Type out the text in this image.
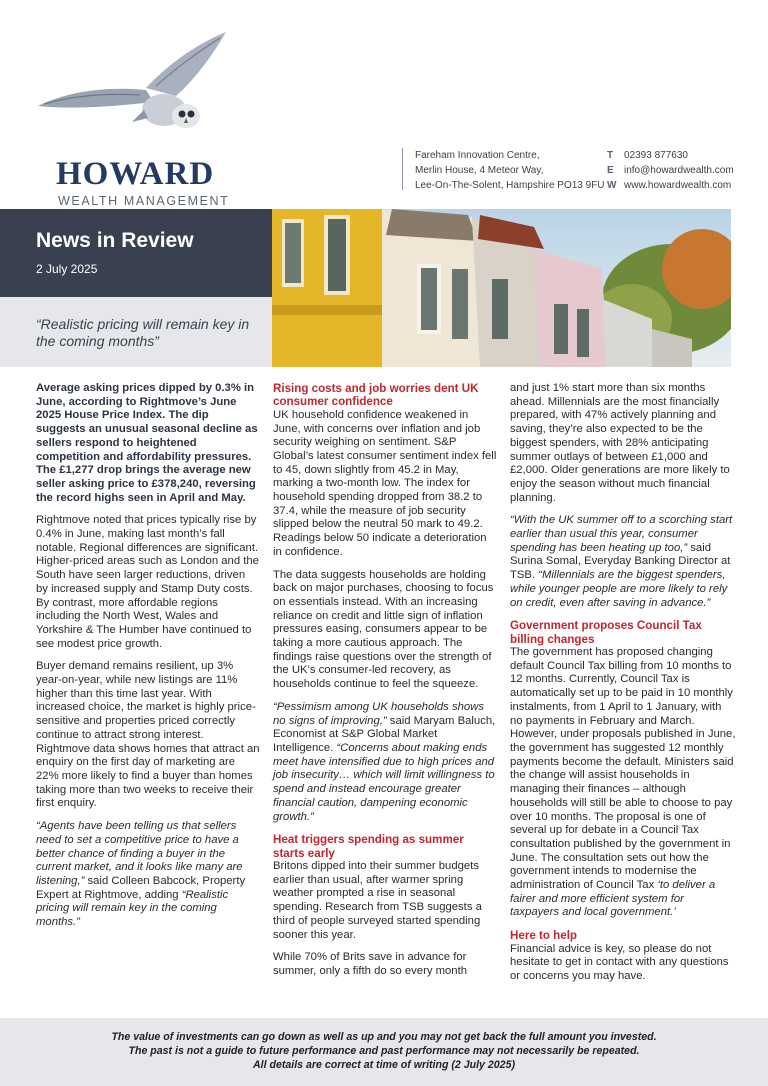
HOWARD
WEALTH MANAGEMENT
Fareham Innovation Centre,
Merlin House, 4 Meteor Way,
Lee-On-The-Solent, Hampshire PO13 9FU
T 02393 877630
E info@howardwealth.com
W www.howardwealth.com
News in Review
2 July 2025
“Realistic pricing will remain key in the coming months”

Average asking prices dipped by 0.3% in June, according to Rightmove’s June 2025 House Price Index. The dip suggests an unusual seasonal decline as sellers respond to heightened competition and affordability pressures. The £1,277 drop brings the average new seller asking price to £378,240, reversing the record highs seen in April and May.

Rightmove noted that prices typically rise by 0.4% in June, making last month’s fall notable. Regional differences are significant. Higher-priced areas such as London and the South have seen larger reductions, driven by increased supply and Stamp Duty costs. By contrast, more affordable regions including the North West, Wales and Yorkshire & The Humber have continued to see modest price growth.

Buyer demand remains resilient, up 3% year-on-year, while new listings are 11% higher than this time last year. With increased choice, the market is highly price-sensitive and properties priced correctly continue to attract strong interest. Rightmove data shows homes that attract an enquiry on the first day of marketing are 22% more likely to find a buyer than homes taking more than two weeks to receive their first enquiry.

“Agents have been telling us that sellers need to set a competitive price to have a better chance of finding a buyer in the current market, and it looks like many are listening,” said Colleen Babcock, Property Expert at Rightmove, adding “Realistic pricing will remain key in the coming months.”

Rising costs and job worries dent UK consumer confidence

UK household confidence weakened in June, with concerns over inflation and job security weighing on sentiment. S&P Global’s latest consumer sentiment index fell to 45, down slightly from 45.2 in May, marking a two-month low. The index for household spending dropped from 38.2 to 37.4, while the measure of job security slipped below the neutral 50 mark to 49.2. Readings below 50 indicate a deterioration in confidence.

The data suggests households are holding back on major purchases, choosing to focus on essentials instead. With an increasing reliance on credit and little sign of inflation pressures easing, consumers appear to be taking a more cautious approach. The findings raise questions over the strength of the UK’s consumer-led recovery, as households continue to feel the squeeze.

“Pessimism among UK households shows no signs of improving,” said Maryam Baluch, Economist at S&P Global Market Intelligence. “Concerns about making ends meet have intensified due to high prices and job insecurity… which will limit willingness to spend and instead encourage greater financial caution, dampening economic growth.”

Heat triggers spending as summer starts early

Britons dipped into their summer budgets earlier than usual, after warmer spring weather prompted a rise in seasonal spending. Research from TSB suggests a third of people surveyed started spending sooner this year.

While 70% of Brits save in advance for summer, only a fifth do so every month

and just 1% start more than six months ahead. Millennials are the most financially prepared, with 47% actively planning and saving, they’re also expected to be the biggest spenders, with 28% anticipating summer outlays of between £1,000 and £2,000. Older generations are more likely to enjoy the season without much financial planning.

“With the UK summer off to a scorching start earlier than usual this year, consumer spending has been heating up too,” said Surina Somal, Everyday Banking Director at TSB. “Millennials are the biggest spenders, while younger people are more likely to rely on credit, even after saving in advance.”

Government proposes Council Tax billing changes

The government has proposed changing default Council Tax billing from 10 months to 12 months. Currently, Council Tax is automatically set up to be paid in 10 monthly instalments, from 1 April to 1 January, with no payments in February and March. However, under proposals published in June, the government has suggested 12 monthly payments become the default. Ministers said the change will assist households in managing their finances – although households will still be able to choose to pay over 10 months. The proposal is one of several up for debate in a Council Tax consultation published by the government in June. The consultation sets out how the government intends to modernise the administration of Council Tax ‘to deliver a fairer and more efficient system for taxpayers and local government.’

Here to help

Financial advice is key, so please do not hesitate to get in contact with any questions or concerns you may have.

The value of investments can go down as well as up and you may not get back the full amount you invested.

The past is not a guide to future performance and past performance may not necessarily be repeated.

All details are correct at time of writing (2 July 2025)
